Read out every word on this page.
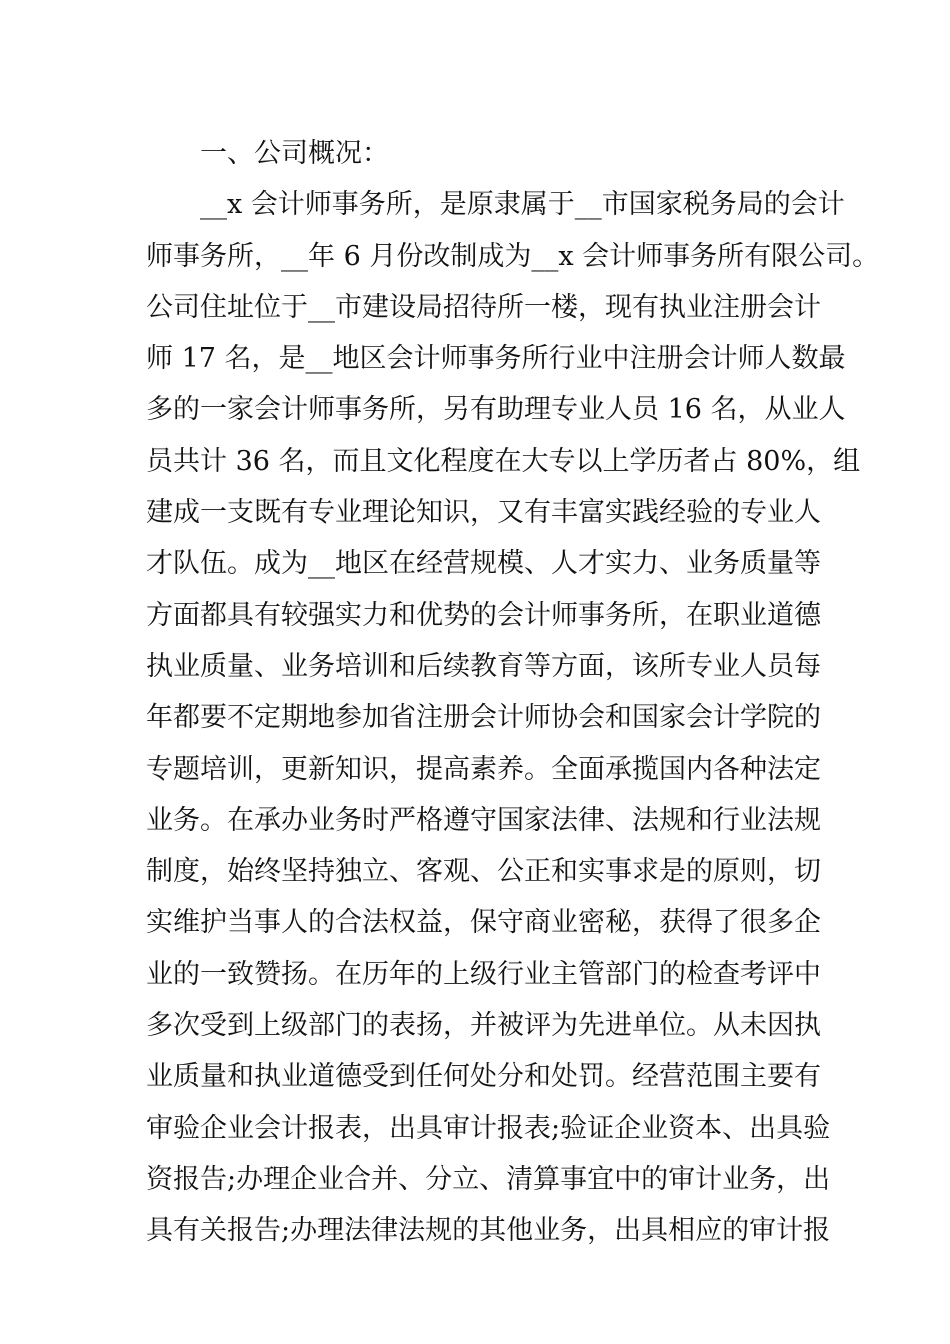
一、公司概况：
__x 会计师事务所，是原隶属于__市国家税务局的会计
师事务所，__年 6 月份改制成为__x 会计师事务所有限公司。
公司住址位于__市建设局招待所一楼，现有执业注册会计
师 17 名，是__地区会计师事务所行业中注册会计师人数最
多的一家会计师事务所，另有助理专业人员 16 名，从业人
员共计 36 名，而且文化程度在大专以上学历者占 80%，组
建成一支既有专业理论知识，又有丰富实践经验的专业人
才队伍。成为__地区在经营规模、人才实力、业务质量等
方面都具有较强实力和优势的会计师事务所，在职业道德
执业质量、业务培训和后续教育等方面，该所专业人员每
年都要不定期地参加省注册会计师协会和国家会计学院的
专题培训，更新知识，提高素养。全面承揽国内各种法定
业务。在承办业务时严格遵守国家法律、法规和行业法规
制度，始终坚持独立、客观、公正和实事求是的原则，切
实维护当事人的合法权益，保守商业密秘，获得了很多企
业的一致赞扬。在历年的上级行业主管部门的检查考评中
多次受到上级部门的表扬，并被评为先进单位。从未因执
业质量和执业道德受到任何处分和处罚。经营范围主要有
审验企业会计报表，出具审计报表;验证企业资本、出具验
资报告;办理企业合并、分立、清算事宜中的审计业务，出
具有关报告;办理法律法规的其他业务，出具相应的审计报
